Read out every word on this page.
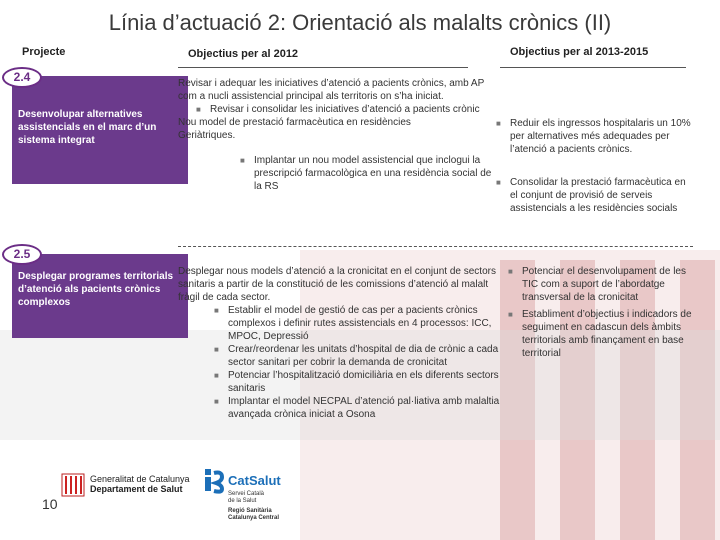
Línia d’actuació 2: Orientació als malalts crònics (II)
Projecte	Objectius per al 2012	Objectius per al 2013-2015
2.4
Desenvolupar alternatives assistencials en el marc d’un sistema integrat
Revisar i adequar les iniciatives d’atenció a pacients crònics, amb AP com a nucli assistencial principal als territoris on s’ha iniciat.
■ Revisar i consolidar les iniciatives d’atenció a pacients crònic
Nou model de prestació farmacèutica en residències Geriàtriques.
■ Implantar un nou model assistencial que inclogui la prescripció farmacològica en una residència social de la RS
■ Reduir els ingressos hospitalaris un 10% per alternatives més adequades per l’atenció a pacients crònics.
■ Consolidar la prestació farmacèutica en el conjunt de provisió de serveis assistencials a les residències socials
2.5
Desplegar programes territorials d’atenció als pacients crònics complexos
Desplegar nous models d’atenció a la cronicitat en el conjunt de sectors sanitaris a partir de la constitució de les comissions d’atenció al malalt fràgil de cada sector.
■ Establir el model de gestió de cas per a pacients crònics complexos i definir rutes assistencials en 4 processos: ICC, MPOC, Depressió
■ Crear/reordenar les unitats d’hospital de dia de crònic a cada sector sanitari per cobrir la demanda de cronicitat
■ Potenciar l’hospitalització domiciliària en els diferents sectors sanitaris
■ Implantar el model NECPAL d’atenció pal·liativa amb malaltia avançada crònica iniciat a Osona
■ Potenciar el desenvolupament de les TIC com a suport de l’abordatge transversal de la cronicitat
■ Establiment d’objectius i indicadors de seguiment en cadascun dels àmbits territorials amb finançament en base territorial
Generalitat de Catalunya
Departament de Salut
CatSalut
Servei Català
de la Salut
Regió Sanitària
Catalunya Central
10
